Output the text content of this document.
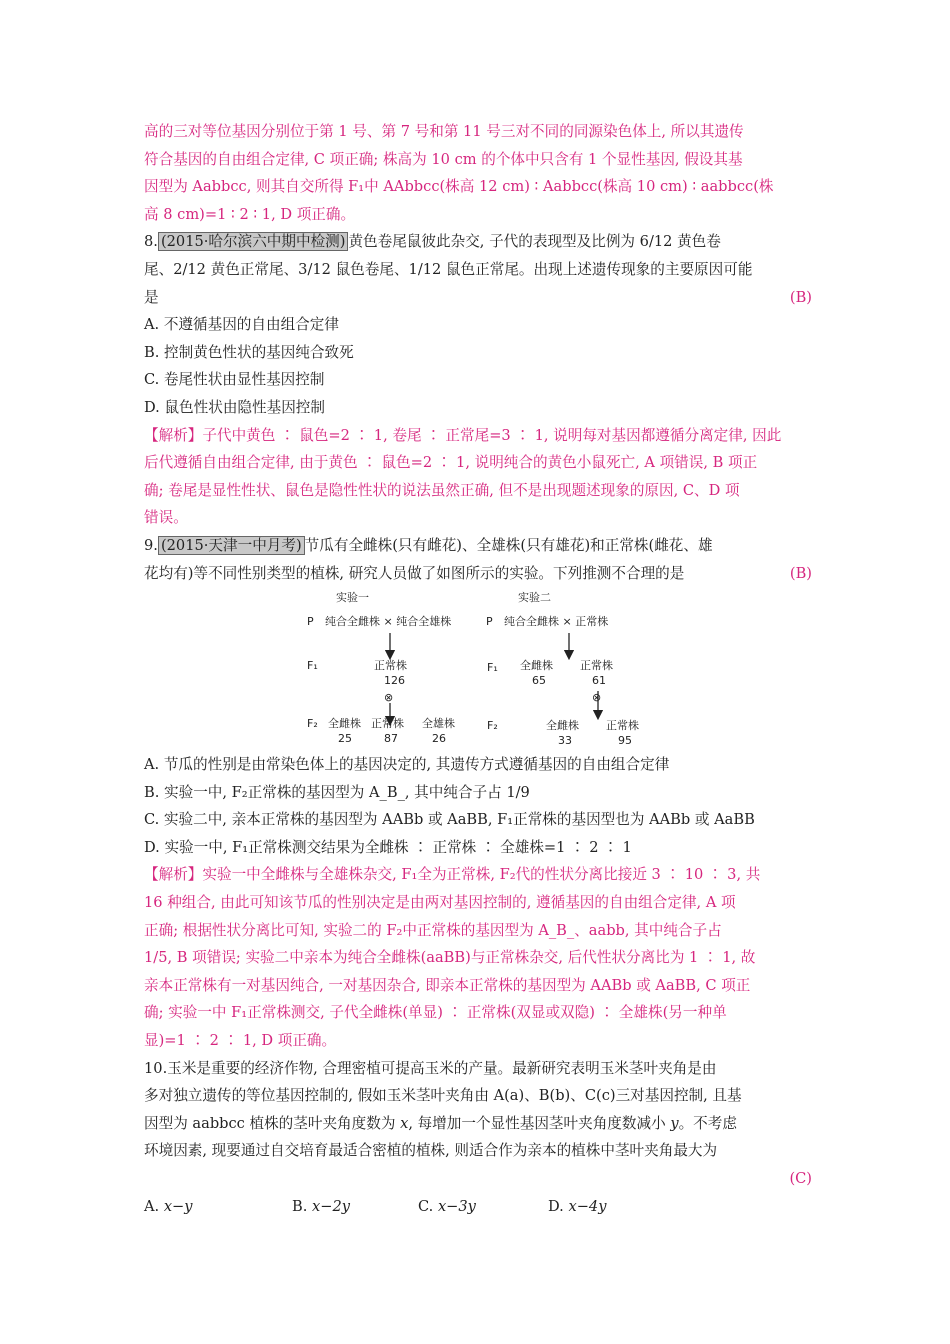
高的三对等位基因分别位于第 1 号、第 7 号和第 11 号三对不同的同源染色体上, 所以其遗传
符合基因的自由组合定律, C 项正确; 株高为 10 cm 的个体中只含有 1 个显性基因, 假设其基
因型为 Aabbcc, 则其自交所得 F₁中 AAbbcc(株高 12 cm) ∶ Aabbcc(株高 10 cm) ∶ aabbcc(株
高 8 cm)=1 ∶ 2 ∶ 1, D 项正确。
8. (2015·哈尔滨六中期中检测) 黄色卷尾鼠彼此杂交, 子代的表现型及比例为 6/12 黄色卷
尾、2/12 黄色正常尾、3/12 鼠色卷尾、1/12 鼠色正常尾。出现上述遗传现象的主要原因可能
是	(B)
A. 不遵循基因的自由组合定律
B. 控制黄色性状的基因纯合致死
C. 卷尾性状由显性基因控制
D. 鼠色性状由隐性基因控制
【解析】子代中黄色 ∶ 鼠色=2 ∶ 1, 卷尾 ∶ 正常尾=3 ∶ 1, 说明每对基因都遵循分离定律, 因此
后代遵循自由组合定律, 由于黄色 ∶ 鼠色=2 ∶ 1, 说明纯合的黄色小鼠死亡, A 项错误, B 项正
确; 卷尾是显性性状、鼠色是隐性性状的说法虽然正确, 但不是出现题述现象的原因, C、D 项
错误。
9. (2015·天津一中月考) 节瓜有全雌株(只有雌花)、全雄株(只有雄花)和正常株(雌花、雄
花均有)等不同性别类型的植株, 研究人员做了如图所示的实验。下列推测不合理的是	(B)
实验一
P 纯合全雌株 × 纯合全雄株
F₁	正常株
126
⊗
F₂ 全雌株 正常株 全雄株
25	87	26
实验二
P 纯合全雌株 × 正常株
F₁ 全雌株 正常株
65	61
⊗
F₂	全雌株 正常株
33	95
A. 节瓜的性别是由常染色体上的基因决定的, 其遗传方式遵循基因的自由组合定律
B. 实验一中, F₂正常株的基因型为 A_B_, 其中纯合子占 1/9
C. 实验二中, 亲本正常株的基因型为 AABb 或 AaBB, F₁正常株的基因型也为 AABb 或 AaBB
D. 实验一中, F₁正常株测交结果为全雌株 ∶ 正常株 ∶ 全雄株=1 ∶ 2 ∶ 1
【解析】实验一中全雌株与全雄株杂交, F₁全为正常株, F₂代的性状分离比接近 3 ∶ 10 ∶ 3, 共
16 种组合, 由此可知该节瓜的性别决定是由两对基因控制的, 遵循基因的自由组合定律, A 项
正确; 根据性状分离比可知, 实验二的 F₂中正常株的基因型为 A_B_、aabb, 其中纯合子占
1/5, B 项错误; 实验二中亲本为纯合全雌株(aaBB)与正常株杂交, 后代性状分离比为 1 ∶ 1, 故
亲本正常株有一对基因纯合, 一对基因杂合, 即亲本正常株的基因型为 AABb 或 AaBB, C 项正
确; 实验一中 F₁正常株测交, 子代全雌株(单显) ∶ 正常株(双显或双隐) ∶ 全雄株(另一种单
显)=1 ∶ 2 ∶ 1, D 项正确。
10.玉米是重要的经济作物, 合理密植可提高玉米的产量。最新研究表明玉米茎叶夹角是由
多对独立遗传的等位基因控制的, 假如玉米茎叶夹角由 A(a)、B(b)、C(c)三对基因控制, 且基
因型为 aabbcc 植株的茎叶夹角度数为 x, 每增加一个显性基因茎叶夹角度数减小 y。不考虑
环境因素, 现要通过自交培育最适合密植的植株, 则适合作为亲本的植株中茎叶夹角最大为
(C)
A. x−y	B. x−2y	C. x−3y	D. x−4y
